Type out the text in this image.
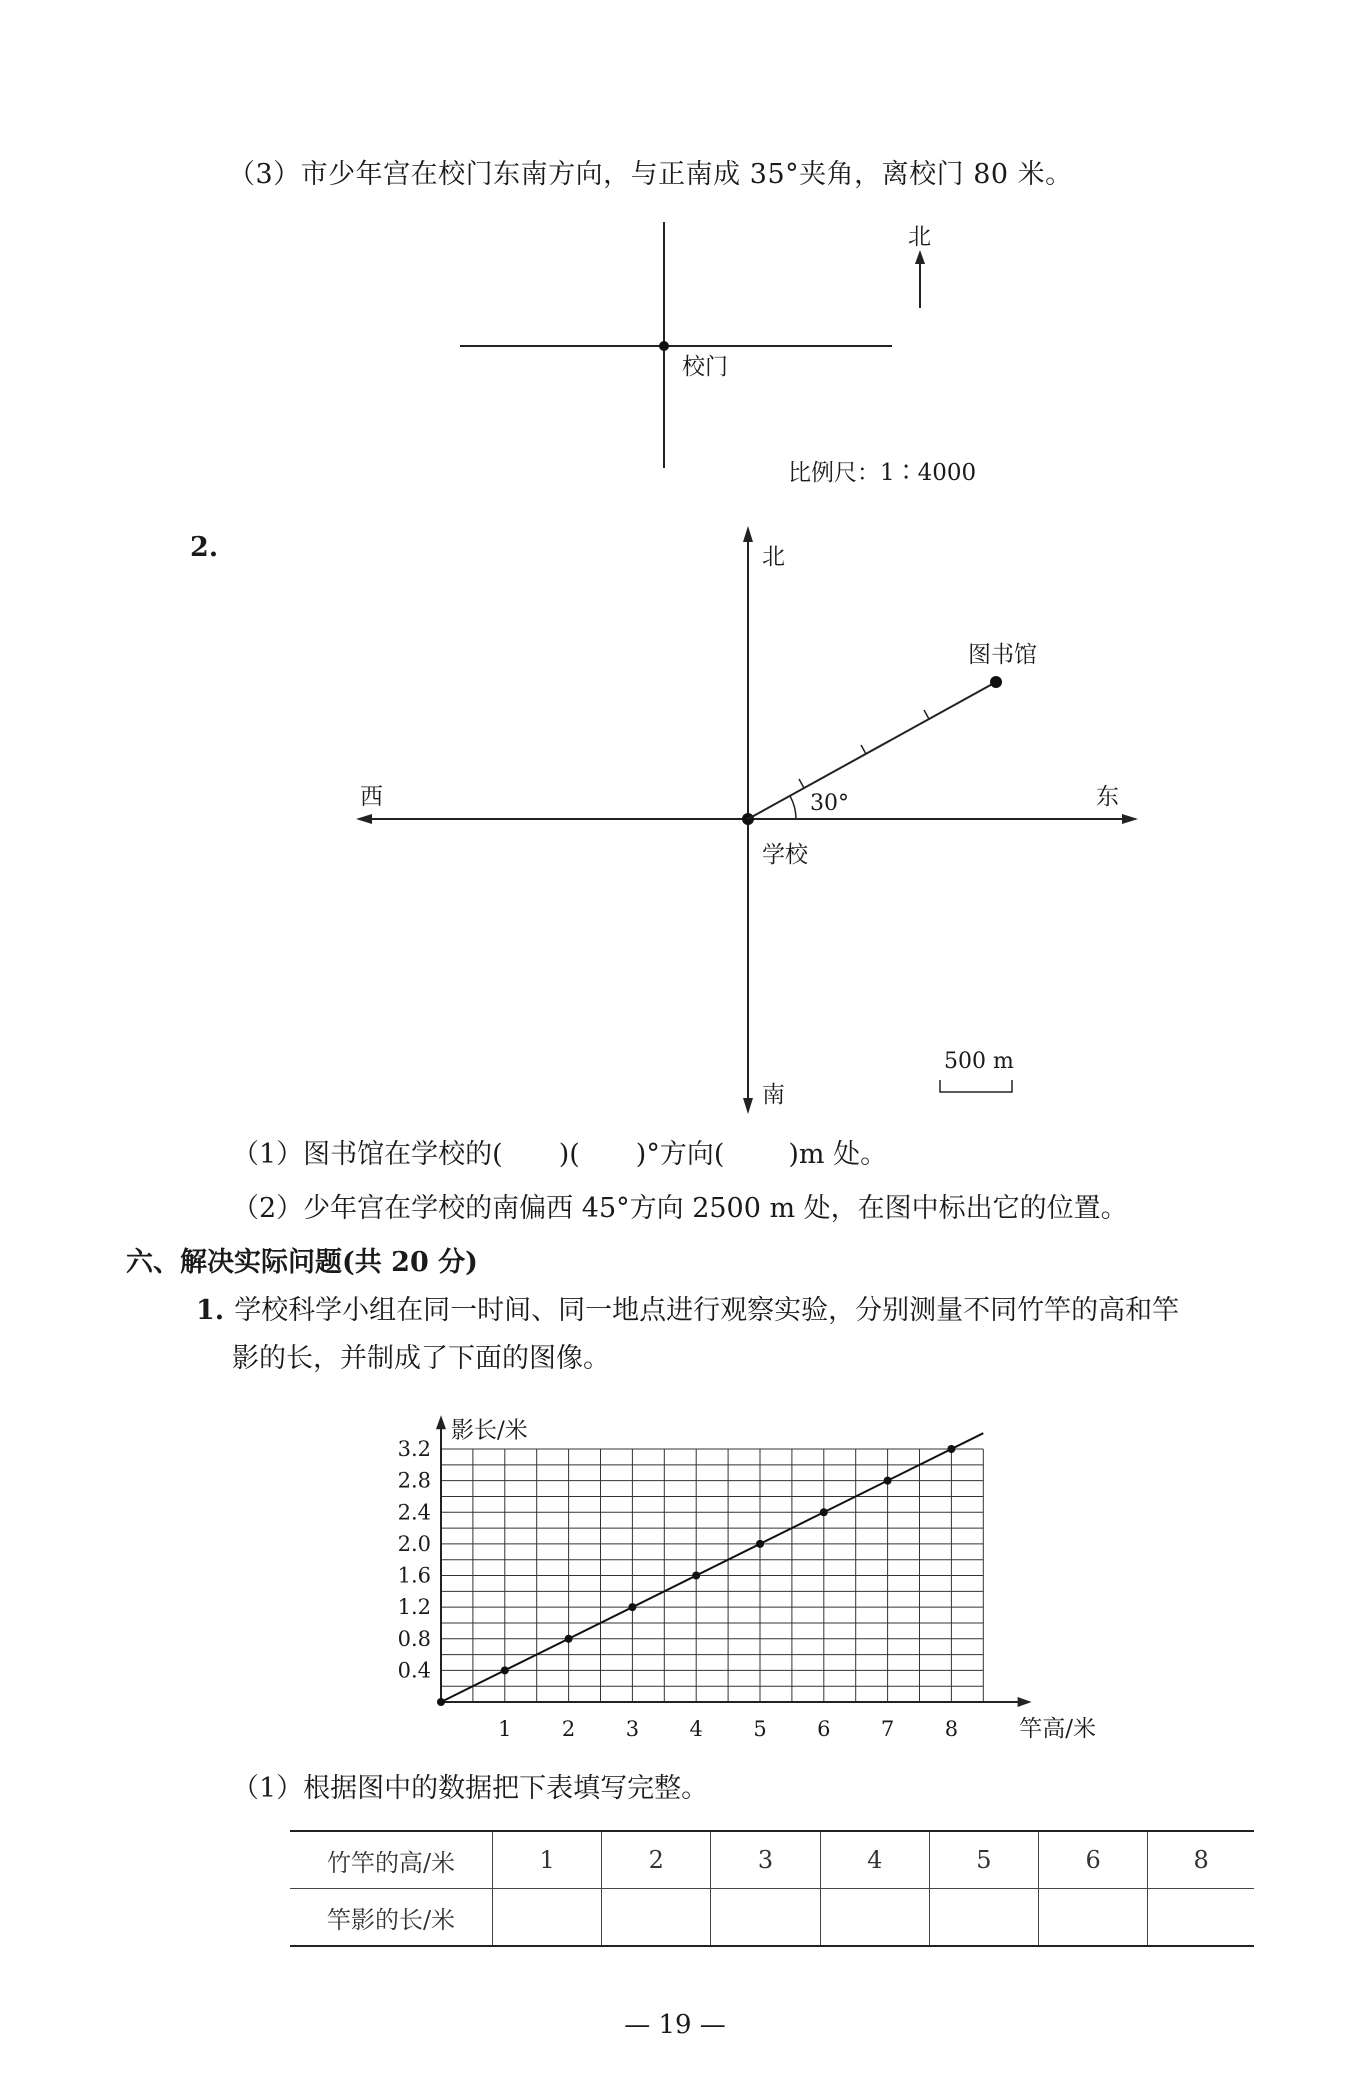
（3）市少年宫在校门东南方向，与正南成 35°夹角，离校门 80 米。
校门
北
比例尺：1∶4000
2.	北
南
东
西
学校
图书馆
30°
500 m
（1）图书馆在学校的( )( )°方向( )m 处。
（2）少年宫在学校的南偏西 45°方向 2500 m 处，在图中标出它的位置。
六、解决实际问题(共 20 分)
1. 学校科学小组在同一时间、同一地点进行观察实验，分别测量不同竹竿的高和竿
影的长，并制成了下面的图像。
1 2 3 4 5 6 7 8
0.4
0.8
1.2
1.6
2.0
2.4
2.8
3.2
竿高/米
影长/米
（1）根据图中的数据把下表填写完整。
竹竿的高/米	1	2	3	4	5	6	8
竿影的长/米							
— 19 —
